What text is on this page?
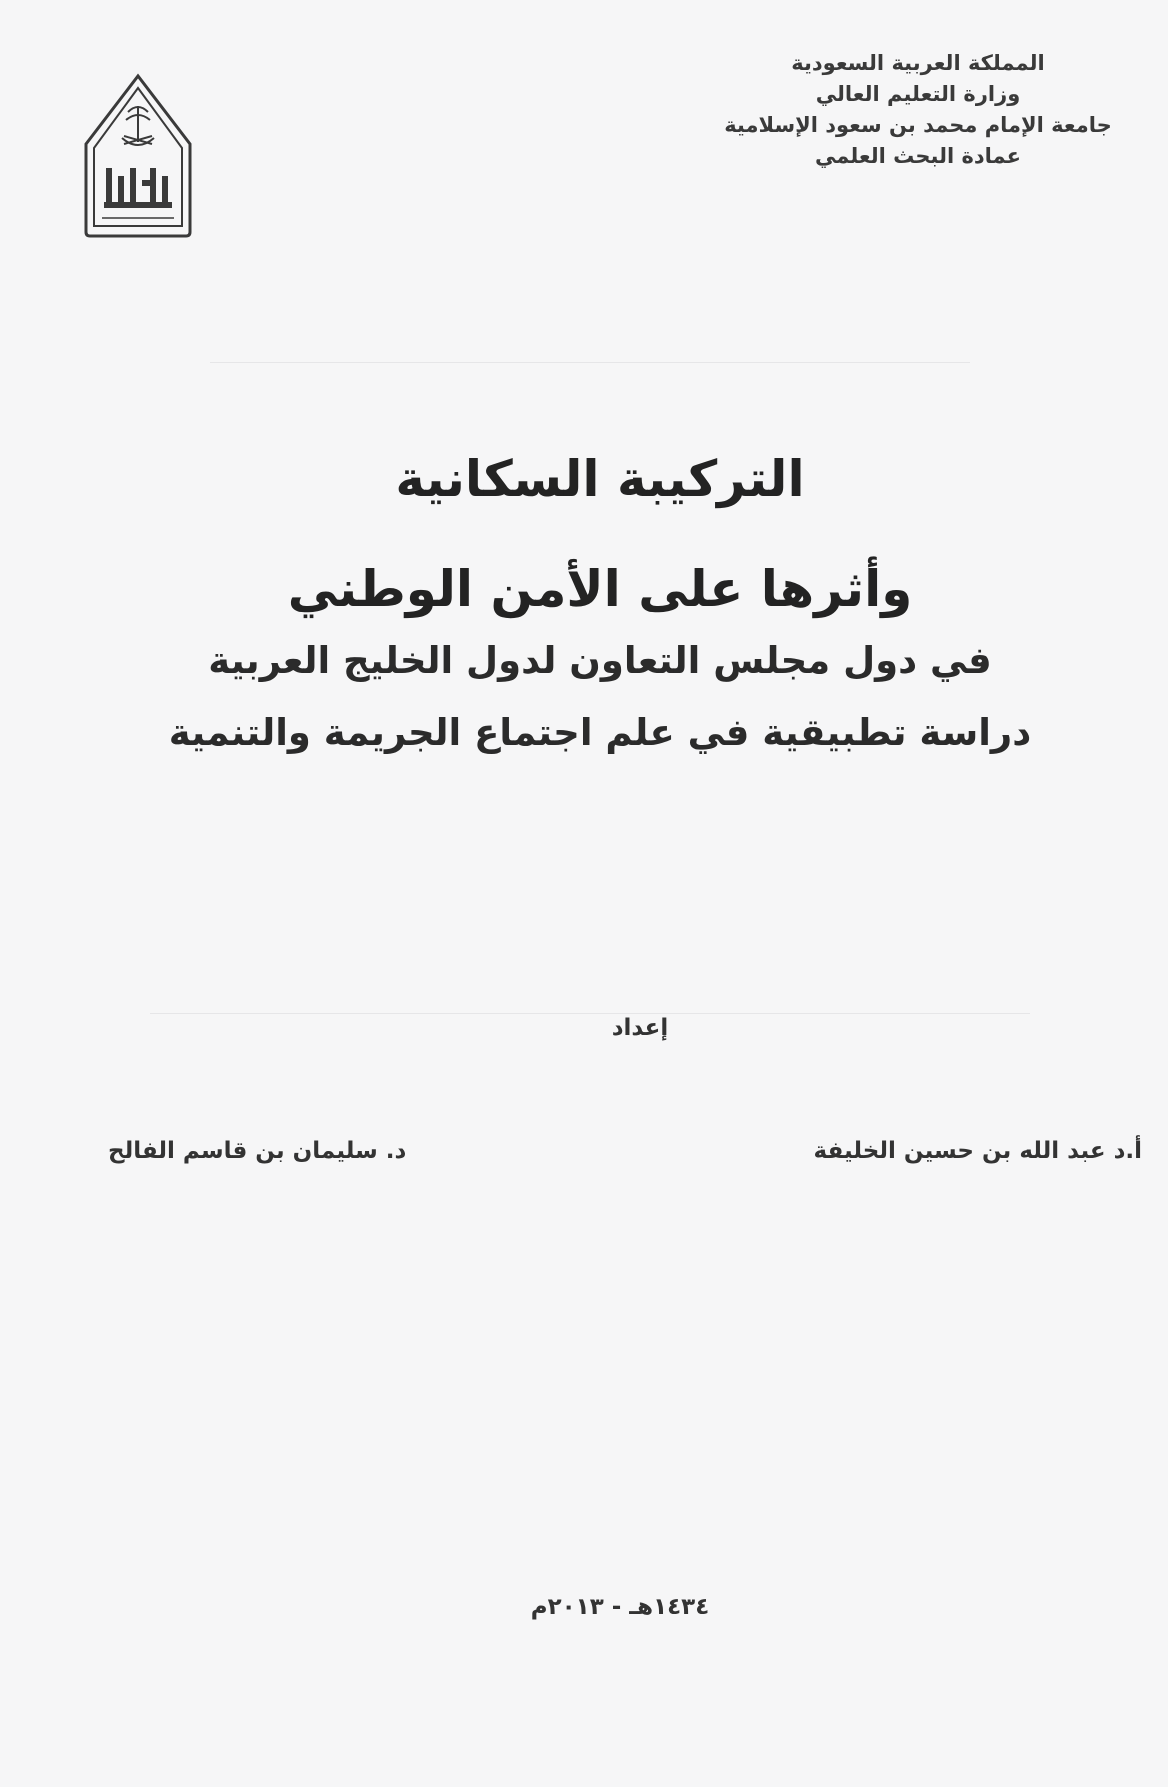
المملكة العربية السعودية
وزارة التعليم العالي
جامعة الإمام محمد بن سعود الإسلامية
عمادة البحث العلمي
التركيبة السكانية
وأثرها على الأمن الوطني
في دول مجلس التعاون لدول الخليج العربية
دراسة تطبيقية في علم اجتماع الجريمة والتنمية
إعداد
أ.د عبد الله بن حسين الخليفة
د. سليمان بن قاسم الفالح
١٤٣٤هـ - ٢٠١٣م
